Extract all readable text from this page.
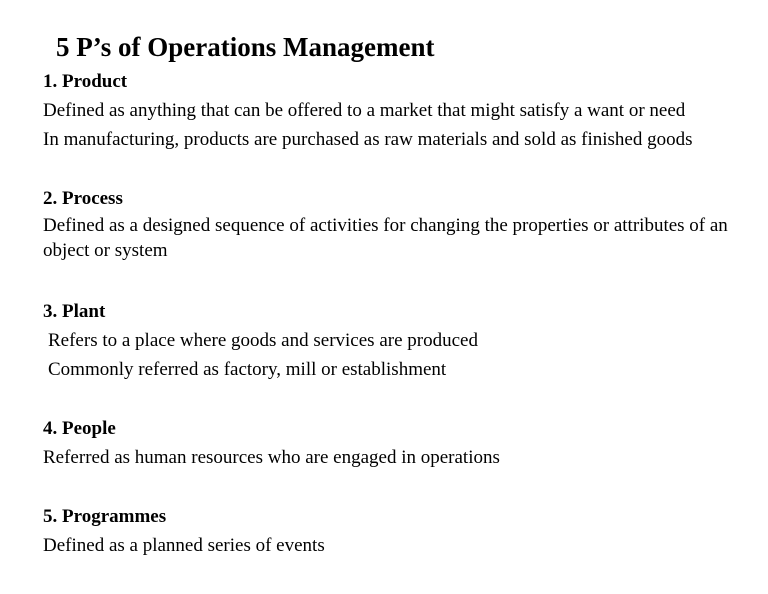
5 P’s of Operations Management

1. Product

Defined as anything that can be offered to a market that might satisfy a want or need

In manufacturing, products are purchased as raw materials and sold as finished goods

2. Process

Defined as a designed sequence of activities for changing the properties or attributes of an object or system

3. Plant

Refers to a place where goods and services are produced

Commonly referred as factory, mill or establishment

4. People

Referred as human resources who are engaged in operations

5. Programmes

Defined as a planned series of events
